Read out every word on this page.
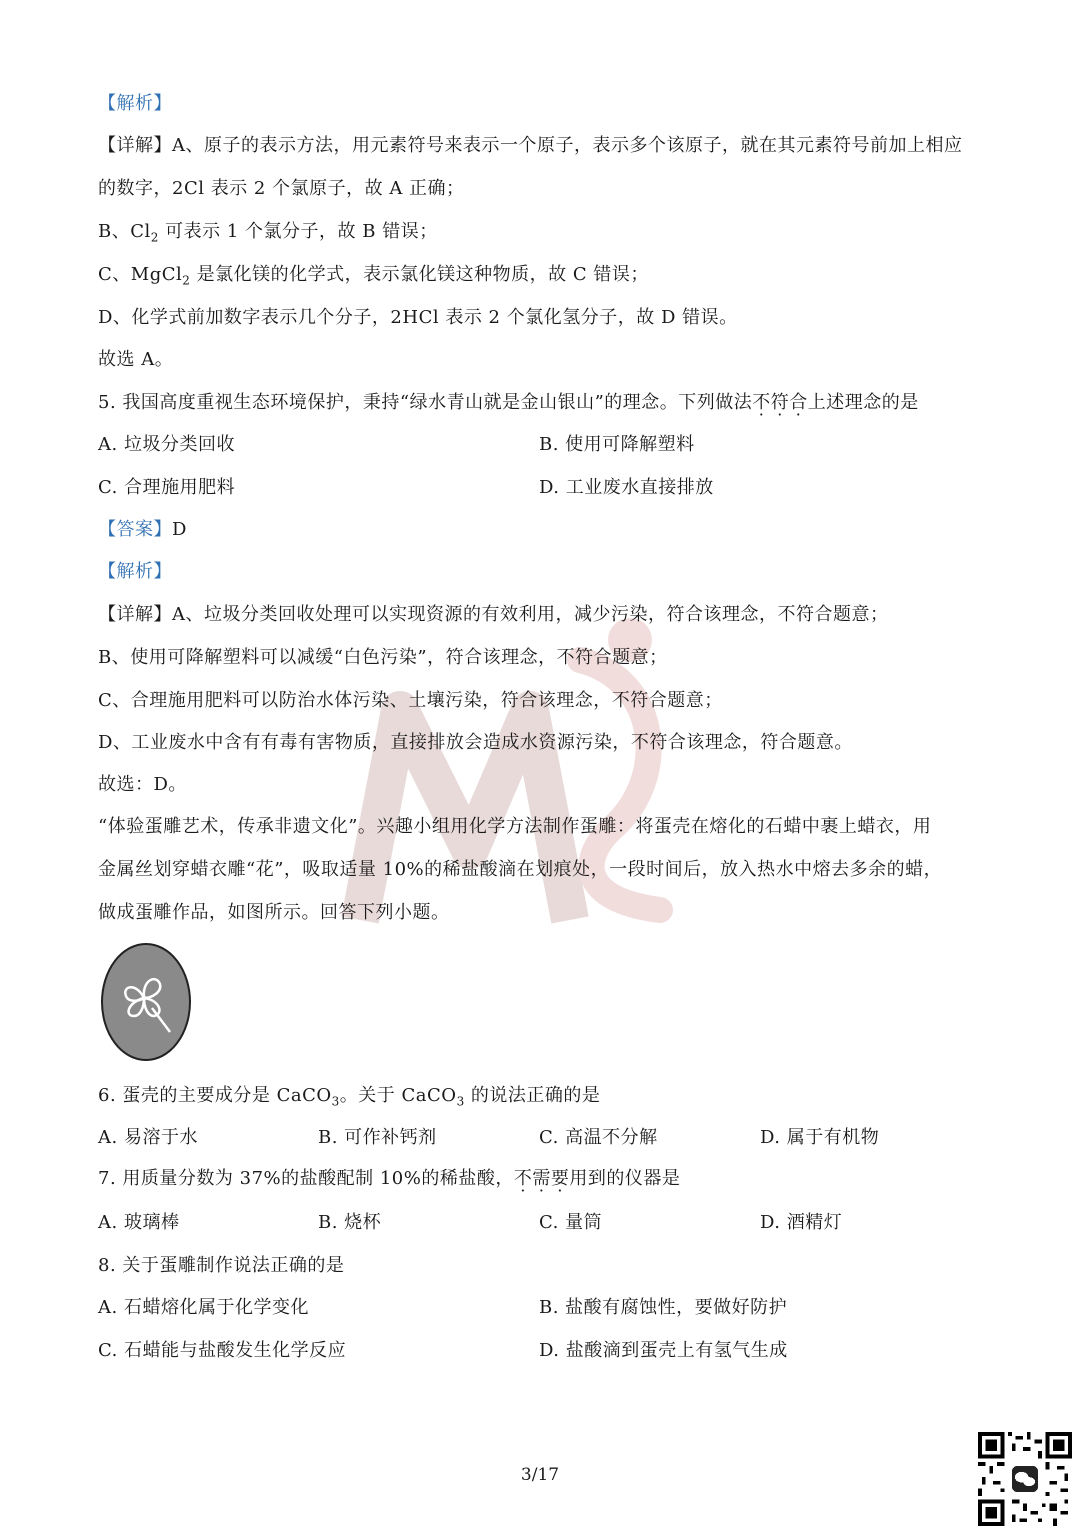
【解析】
【详解】A、原子的表示方法，用元素符号来表示一个原子，表示多个该原子，就在其元素符号前加上相应
的数字，2Cl 表示 2 个氯原子，故 A 正确；
B、$Cl_2$ 可表示 1 个氯分子，故 B 错误；
C、MgCl$_2$ 是氯化镁的化学式，表示氯化镁这种物质，故 C 错误；
D、化学式前加数字表示几个分子，2HCl 表示 2 个氯化氢分子，故 D 错误。
故选 A。
5. 我国高度重视生态环境保护，秉持“绿水青山就是金山银山”的理念。下列做法不符合上述理念的是
A. 垃圾分类回收	B. 使用可降解塑料
C. 合理施用肥料	D. 工业废水直接排放
【答案】D
【解析】
【详解】A、垃圾分类回收处理可以实现资源的有效利用，减少污染，符合该理念，不符合题意；
B、使用可降解塑料可以减缓“白色污染”，符合该理念，不符合题意；
C、合理施用肥料可以防治水体污染、土壤污染，符合该理念，不符合题意；
D、工业废水中含有有毒有害物质，直接排放会造成水资源污染，不符合该理念，符合题意。
故选：D。
“体验蛋雕艺术，传承非遗文化”。兴趣小组用化学方法制作蛋雕：将蛋壳在熔化的石蜡中裹上蜡衣，用
金属丝划穿蜡衣雕“花”，吸取适量 10%的稀盐酸滴在划痕处，一段时间后，放入热水中熔去多余的蜡，
做成蛋雕作品，如图所示。回答下列小题。
6. 蛋壳的主要成分是 CaCO$_3$。关于 CaCO$_3$ 的说法正确的是
A. 易溶于水	B. 可作补钙剂	C. 高温不分解	D. 属于有机物
7. 用质量分数为 37%的盐酸配制 10%的稀盐酸，不需要用到的仪器是
A. 玻璃棒	B. 烧杯	C. 量筒	D. 酒精灯
8. 关于蛋雕制作说法正确的是
A. 石蜡熔化属于化学变化	B. 盐酸有腐蚀性，要做好防护
C. 石蜡能与盐酸发生化学反应	D. 盐酸滴到蛋壳上有氢气生成
3/17
